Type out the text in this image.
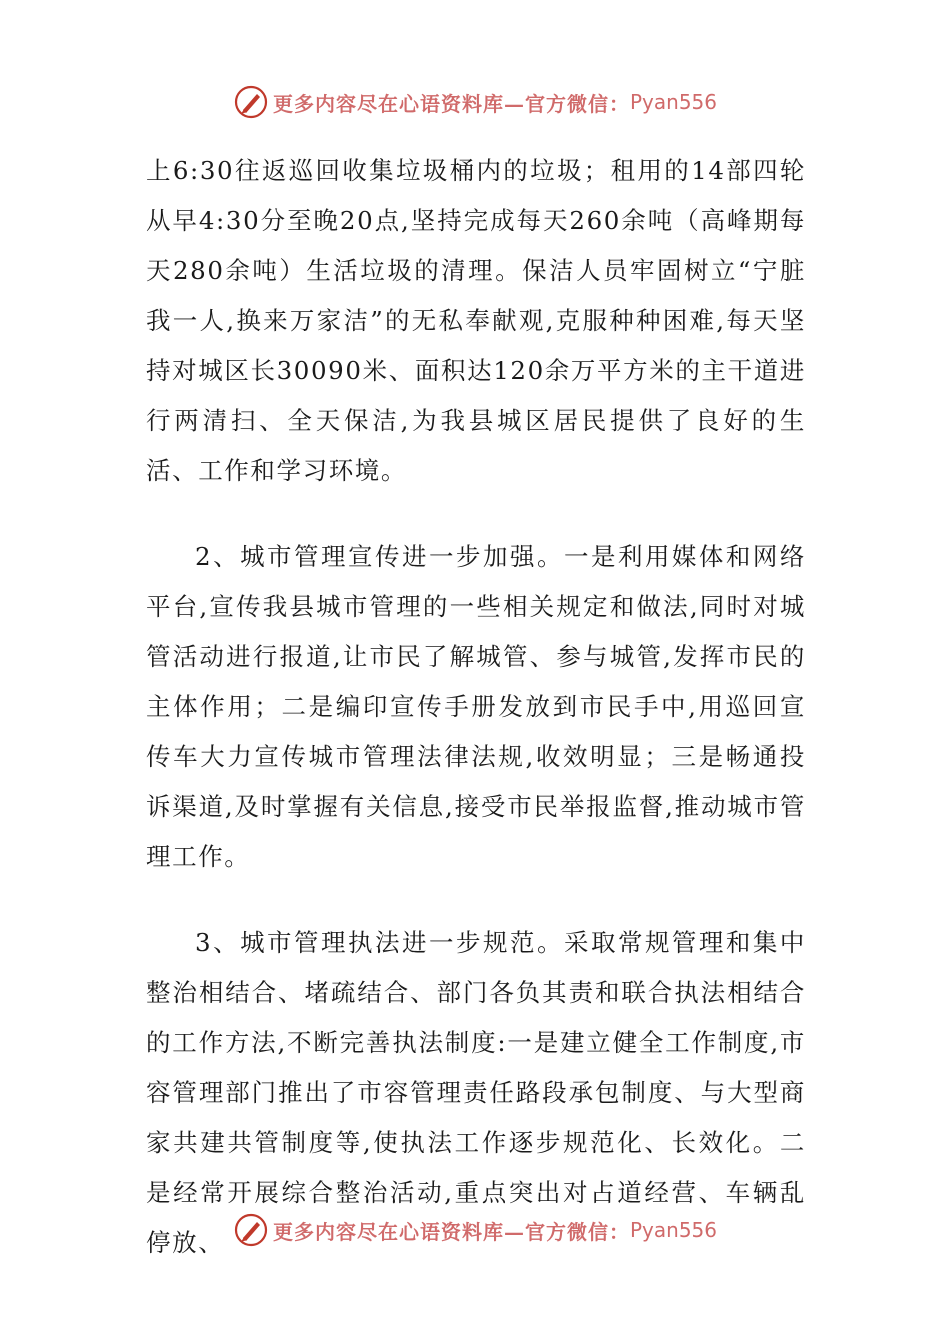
更多内容尽在心语资料库—官方微信： Pyan556

上6:30往返巡回收集垃圾桶内的垃圾；租用的14部四轮从早4:30分至晚20点,坚持完成每天260余吨（高峰期每天280余吨）生活垃圾的清理。保洁人员牢固树立“宁脏我一人,换来万家洁”的无私奉献观,克服种种困难,每天坚持对城区长30090米、面积达120余万平方米的主干道进行两清扫、全天保洁,为我县城区居民提供了良好的生活、工作和学习环境。

2、城市管理宣传进一步加强。一是利用媒体和网络平台,宣传我县城市管理的一些相关规定和做法,同时对城管活动进行报道,让市民了解城管、参与城管,发挥市民的主体作用；二是编印宣传手册发放到市民手中,用巡回宣传车大力宣传城市管理法律法规,收效明显；三是畅通投诉渠道,及时掌握有关信息,接受市民举报监督,推动城市管理工作。

3、城市管理执法进一步规范。采取常规管理和集中整治相结合、堵疏结合、部门各负其责和联合执法相结合的工作方法,不断完善执法制度:一是建立健全工作制度,市容管理部门推出了市容管理责任路段承包制度、与大型商家共建共管制度等,使执法工作逐步规范化、长效化。二是经常开展综合整治活动,重点突出对占道经营、车辆乱停放、	更多内容尽在心语资料库—官方微信： Pyan556
